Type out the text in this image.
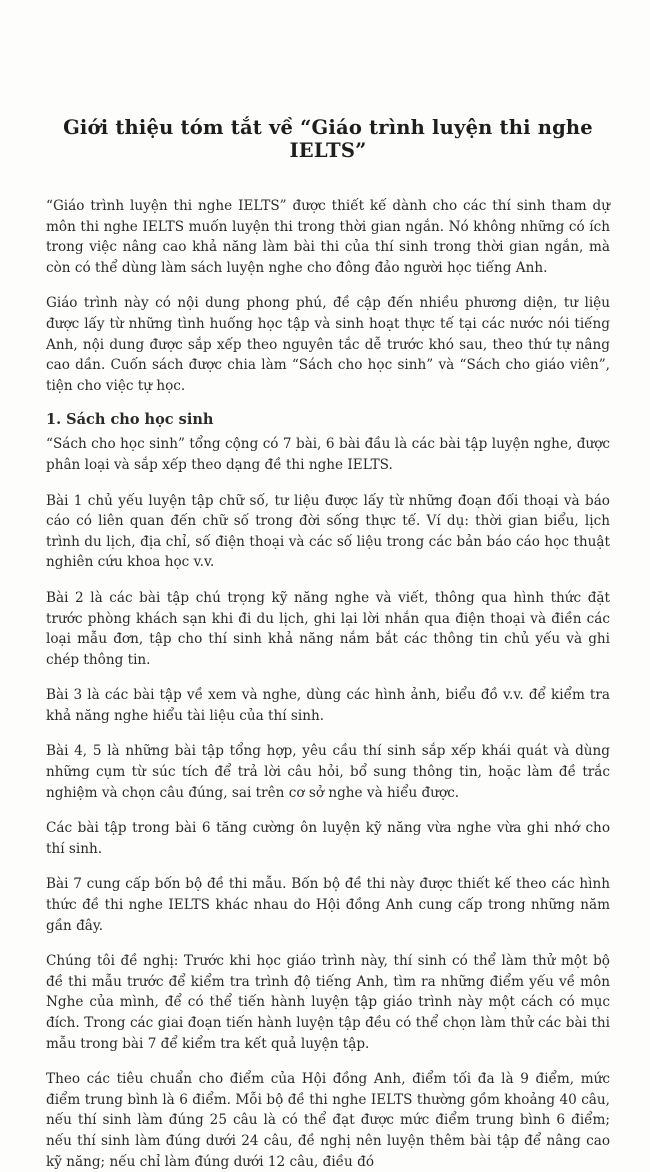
Giới thiệu tóm tắt về “Giáo trình luyện thi nghe IELTS”

“Giáo trình luyện thi nghe IELTS” được thiết kế dành cho các thí sinh tham dự môn thi nghe IELTS muốn luyện thi trong thời gian ngắn. Nó không những có ích trong việc nâng cao khả năng làm bài thi của thí sinh trong thời gian ngắn, mà còn có thể dùng làm sách luyện nghe cho đông đảo người học tiếng Anh.

Giáo trình này có nội dung phong phú, đề cập đến nhiều phương diện, tư liệu được lấy từ những tình huống học tập và sinh hoạt thực tế tại các nước nói tiếng Anh, nội dung được sắp xếp theo nguyên tắc dễ trước khó sau, theo thứ tự nâng cao dần. Cuốn sách được chia làm “Sách cho học sinh” và “Sách cho giáo viên”, tiện cho việc tự học.

1. Sách cho học sinh

“Sách cho học sinh” tổng cộng có 7 bài, 6 bài đầu là các bài tập luyện nghe, được phân loại và sắp xếp theo dạng đề thi nghe IELTS.

Bài 1 chủ yếu luyện tập chữ số, tư liệu được lấy từ những đoạn đối thoại và báo cáo có liên quan đến chữ số trong đời sống thực tế. Ví dụ: thời gian biểu, lịch trình du lịch, địa chỉ, số điện thoại và các số liệu trong các bản báo cáo học thuật nghiên cứu khoa học v.v.

Bài 2 là các bài tập chú trọng kỹ năng nghe và viết, thông qua hình thức đặt trước phòng khách sạn khi đi du lịch, ghi lại lời nhắn qua điện thoại và điền các loại mẫu đơn, tập cho thí sinh khả năng nắm bắt các thông tin chủ yếu và ghi chép thông tin.

Bài 3 là các bài tập về xem và nghe, dùng các hình ảnh, biểu đồ v.v. để kiểm tra khả năng nghe hiểu tài liệu của thí sinh.

Bài 4, 5 là những bài tập tổng hợp, yêu cầu thí sinh sắp xếp khái quát và dùng những cụm từ súc tích để trả lời câu hỏi, bổ sung thông tin, hoặc làm đề trắc nghiệm và chọn câu đúng, sai trên cơ sở nghe và hiểu được.

Các bài tập trong bài 6 tăng cường ôn luyện kỹ năng vừa nghe vừa ghi nhớ cho thí sinh.

Bài 7 cung cấp bốn bộ đề thi mẫu. Bốn bộ đề thi này được thiết kế theo các hình thức đề thi nghe IELTS khác nhau do Hội đồng Anh cung cấp trong những năm gần đây.

Chúng tôi đề nghị: Trước khi học giáo trình này, thí sinh có thể làm thử một bộ đề thi mẫu trước để kiểm tra trình độ tiếng Anh, tìm ra những điểm yếu về môn Nghe của mình, để có thể tiến hành luyện tập giáo trình này một cách có mục đích. Trong các giai đoạn tiến hành luyện tập đều có thể chọn làm thử các bài thi mẫu trong bài 7 để kiểm tra kết quả luyện tập.

Theo các tiêu chuẩn cho điểm của Hội đồng Anh, điểm tối đa là 9 điểm, mức điểm trung bình là 6 điểm. Mỗi bộ đề thi nghe IELTS thường gồm khoảng 40 câu, nếu thí sinh làm đúng 25 câu là có thể đạt được mức điểm trung bình 6 điểm; nếu thí sinh làm đúng dưới 24 câu, đề nghị nên luyện thêm bài tập để nâng cao kỹ năng; nếu chỉ làm đúng dưới 12 câu, điều đó
